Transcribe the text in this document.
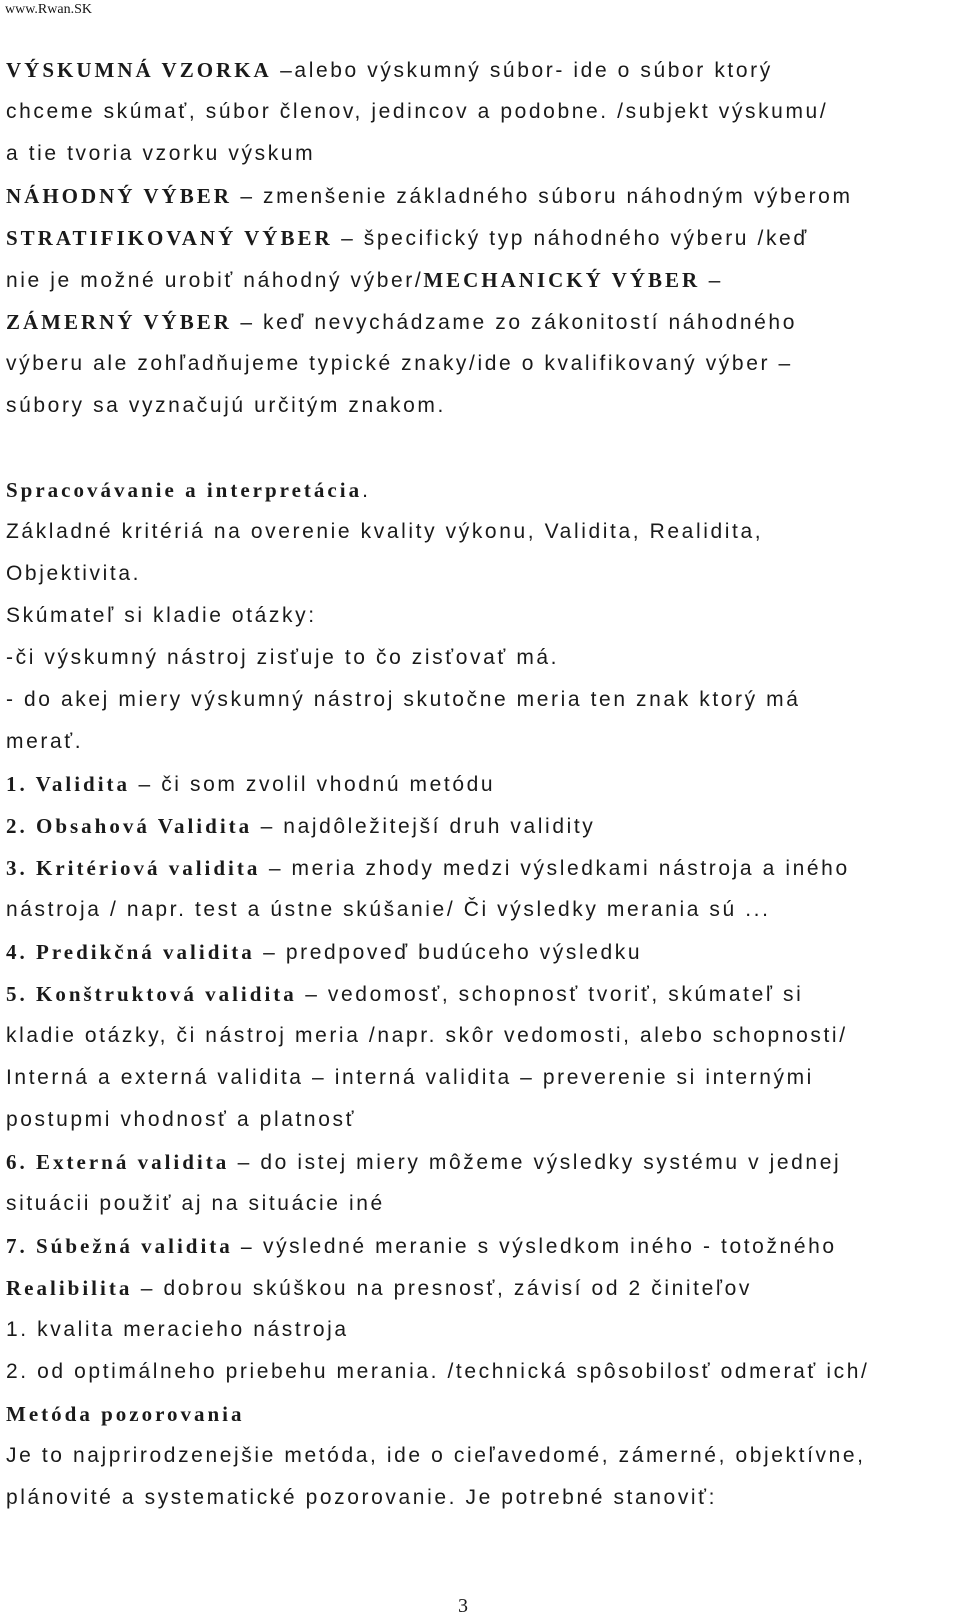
www.Rwan.SK
VÝSKUMNÁ VZORKA –alebo výskumný súbor- ide o súbor ktorý
chceme skúmať, súbor členov, jedincov a podobne. /subjekt výskumu/
a tie tvoria vzorku výskum
NÁHODNÝ VÝBER – zmenšenie základného súboru náhodným výberom
STRATIFIKOVANÝ VÝBER – špecifický typ náhodného výberu /keď
nie je možné urobiť náhodný výber/MECHANICKÝ VÝBER –
ZÁMERNÝ VÝBER – keď nevychádzame zo zákonitostí náhodného
výberu ale zohľadňujeme typické znaky/ide o kvalifikovaný výber –
súbory sa vyznačujú určitým znakom.
Spracovávanie a interpretácia.
Základné kritériá na overenie kvality výkonu, Validita, Realidita,
Objektivita.
Skúmateľ si kladie otázky:
-či výskumný nástroj zisťuje to čo zisťovať má.
- do akej miery výskumný nástroj skutočne meria ten znak ktorý má
merať.
1. Validita – či som zvolil vhodnú metódu
2. Obsahová Validita – najdôležitejší druh validity
3. Kritériová validita – meria zhody medzi výsledkami nástroja a iného
nástroja / napr. test a ústne skúšanie/ Či výsledky merania sú ...
4. Predikčná validita – predpoveď budúceho výsledku
5. Konštruktová validita – vedomosť, schopnosť tvoriť, skúmateľ si
kladie otázky, či nástroj meria /napr. skôr vedomosti, alebo schopnosti/
Interná a externá validita – interná validita – preverenie si internými
postupmi vhodnosť a platnosť
6. Externá validita – do istej miery môžeme výsledky systému v jednej
situácii použiť aj na situácie iné
7. Súbežná validita – výsledné meranie s výsledkom iného - totožného
Realibilita – dobrou skúškou na presnosť, závisí od 2 činiteľov
1. kvalita meracieho nástroja
2. od optimálneho priebehu merania. /technická spôsobilosť odmerať ich/
Metóda pozorovania
Je to najprirodzenejšie metóda, ide o cieľavedomé, zámerné, objektívne,
plánovité a systematické pozorovanie. Je potrebné stanoviť:
3
